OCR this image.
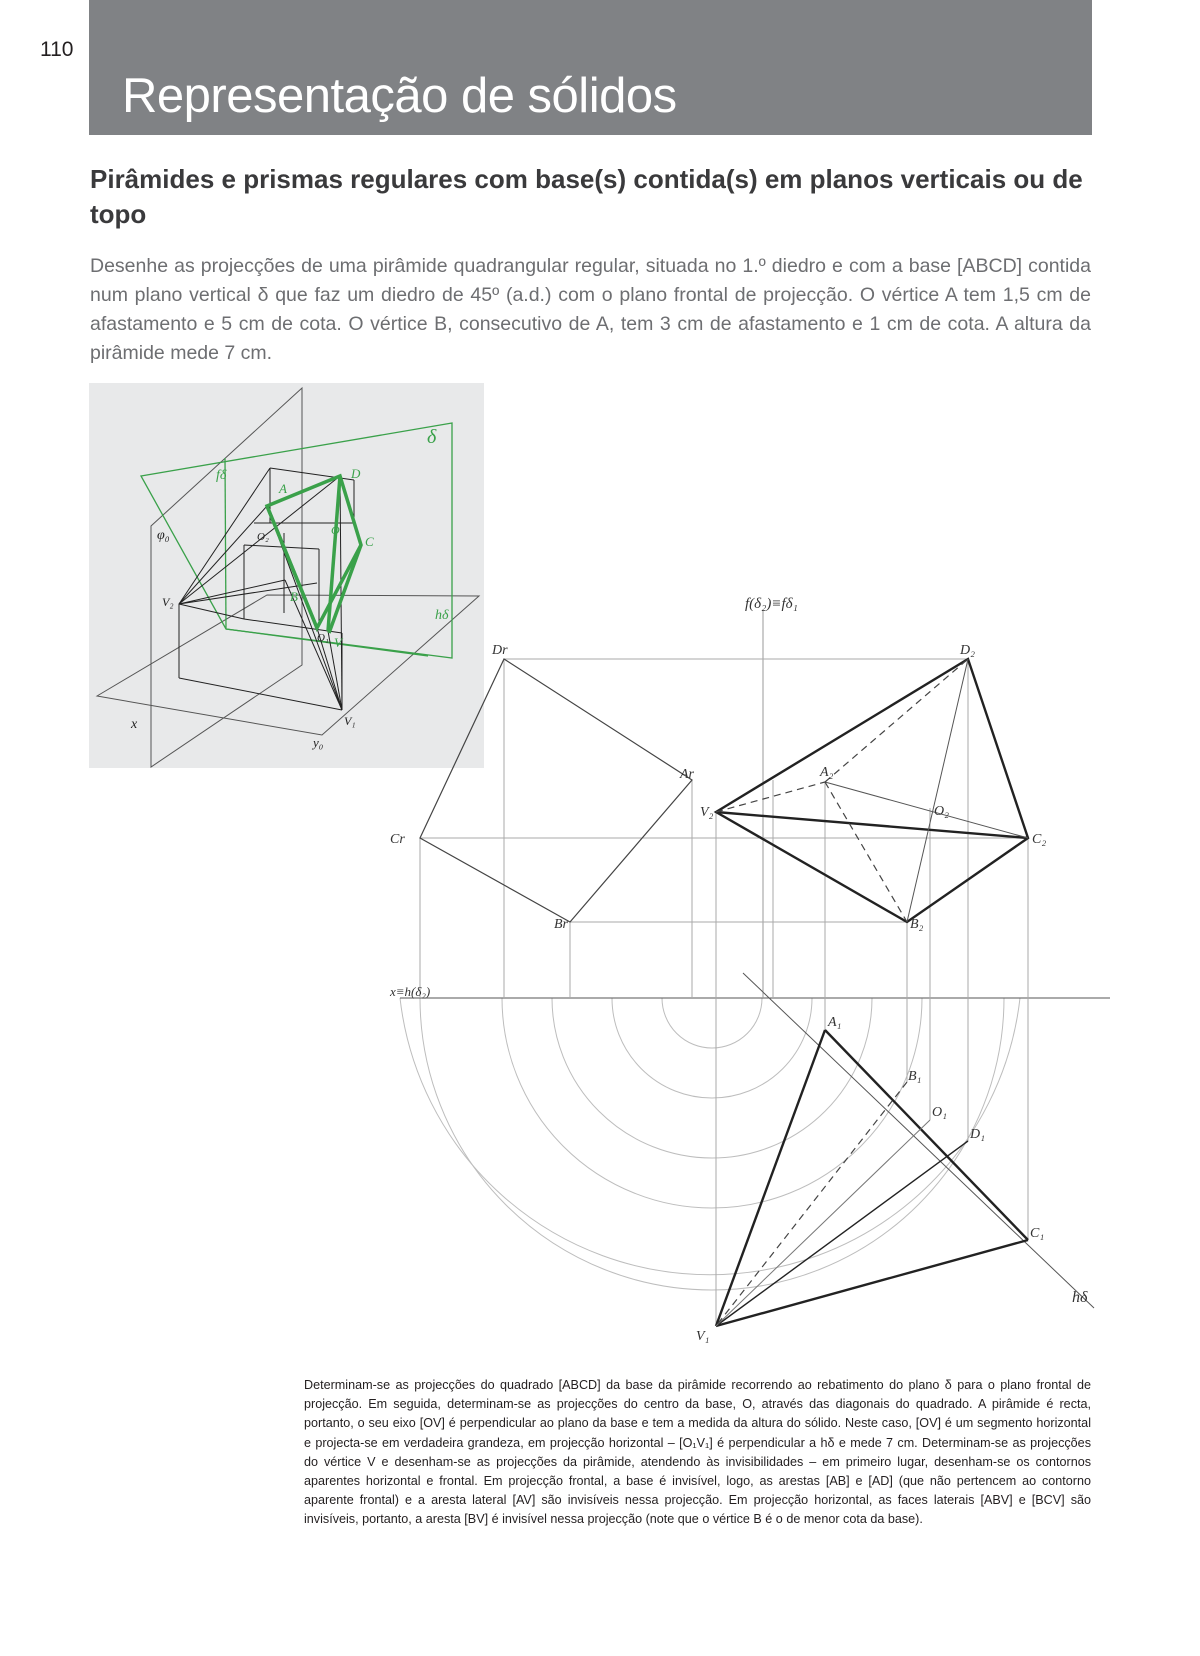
110
Representação de sólidos
Pirâmides e prismas regulares com base(s) contida(s) em planos verticais ou de topo

Desenhe as projecções de uma pirâmide quadrangular regular, situada no 1.º diedro e com a base [ABCD] contida num plano vertical δ que faz um diedro de 45º (a.d.) com o plano frontal de projecção. O vértice A tem 1,5 cm de afastamento e 5 cm de cota. O vértice B, consecutivo de A, tem 3 cm de afastamento e 1 cm de cota. A altura da pirâmide mede 7 cm.

δ
fδ
hδ
φ₀
x
y₀
A
B
C
D
O
V
V₂
V₁
O₂
O₁
f(δ₂)≡fδ₁
x≡h(δ₂)
hδ
Dr
Ar
Cr
Br
D₂
A₂
V₂	O₂
C₂
B₂
A₁
B₁
O₁
D₁
C₁
V₁

Determinam-se as projecções do quadrado [ABCD] da base da pirâmide recorrendo ao rebatimento do plano δ para o plano frontal de projecção. Em seguida, determinam-se as projecções do centro da base, O, através das diagonais do quadrado. A pirâmide é recta, portanto, o seu eixo [OV] é perpendicular ao plano da base e tem a medida da altura do sólido. Neste caso, [OV] é um segmento horizontal e projecta-se em verdadeira grandeza, em projecção horizontal – [O₁V₁] é perpendicular a hδ e mede 7 cm. Determinam-se as projecções do vértice V e desenham-se as projecções da pirâmide, atendendo às invisibilidades – em primeiro lugar, desenham-se os contornos aparentes horizontal e frontal. Em projecção frontal, a base é invisível, logo, as arestas [AB] e [AD] (que não pertencem ao contorno aparente frontal) e a aresta lateral [AV] são invisíveis nessa projecção. Em projecção horizontal, as faces laterais [ABV] e [BCV] são invisíveis, portanto, a aresta [BV] é invisível nessa projecção (note que o vértice B é o de menor cota da base).
